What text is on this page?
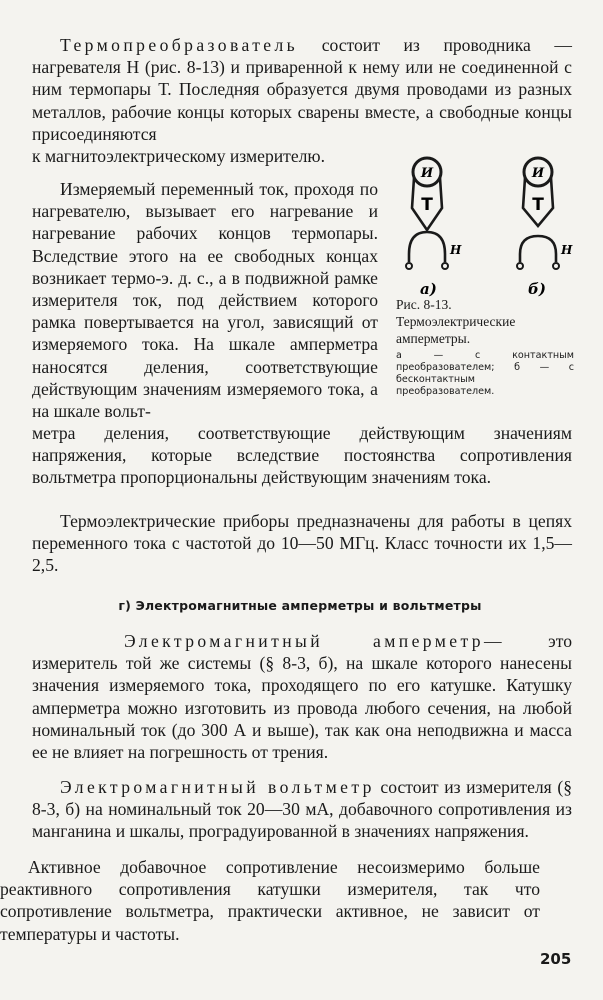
Термопреобразователь состоит из проводника — нагревателя Н (рис. 8-13) и приваренной к нему или не соединенной с ним термопары Т. Последняя образуется двумя проводами из разных металлов, рабочие концы которых сварены вместе, а свободные концы присоединяются
к магнитоэлектрическому измерителю.

Измеряемый переменный ток, проходя по нагревателю, вызывает его нагревание и нагревание рабочих концов термопары. Вследствие этого на ее свободных концах возникает термо-э. д. с., а в подвижной рамке измерителя ток, под действием которого рамка повертывается на угол, зависящий от измеряемого тока. На шкале амперметра наносятся деления, соответствующие действующим значениям измеряемого тока, а на шкале вольт-

метра деления, соответствующие действующим значениям напряжения, которые вследствие постоянства сопротивления вольтметра пропорциональны действующим значениям тока.

Термоэлектрические приборы предназначены для работы в цепях переменного тока с частотой до 10—50 МГц. Класс точности их 1,5—2,5.

г) Электромагнитные амперметры и вольтметры

Электромагнитный амперметр— это измеритель той же системы (§ 8-3, б), на шкале которого нанесены значения измеряемого тока, проходящего по его катушке. Катушку амперметра можно изготовить из провода любого сечения, на любой номинальный ток (до 300 А и выше), так как она неподвижна и масса ее не влияет на погрешность от трения.

Электромагнитный вольтметр состоит из измерителя (§ 8-3, б) на номинальный ток 20—30 мА, добавочного сопротивления из манганина и шкалы, проградуированной в значениях напряжения.

Активное добавочное сопротивление несоизмеримо больше реактивного сопротивления катушки измерителя, так что сопротивление вольтметра, практически активное, не зависит от температуры и частоты.

И	И
Т	Т
Н	Н
а)	б)
Рис. 8-13. Термоэлектрические амперметры.
а — с контактным преобразователем; б — с бесконтактным преобразователем.
205
